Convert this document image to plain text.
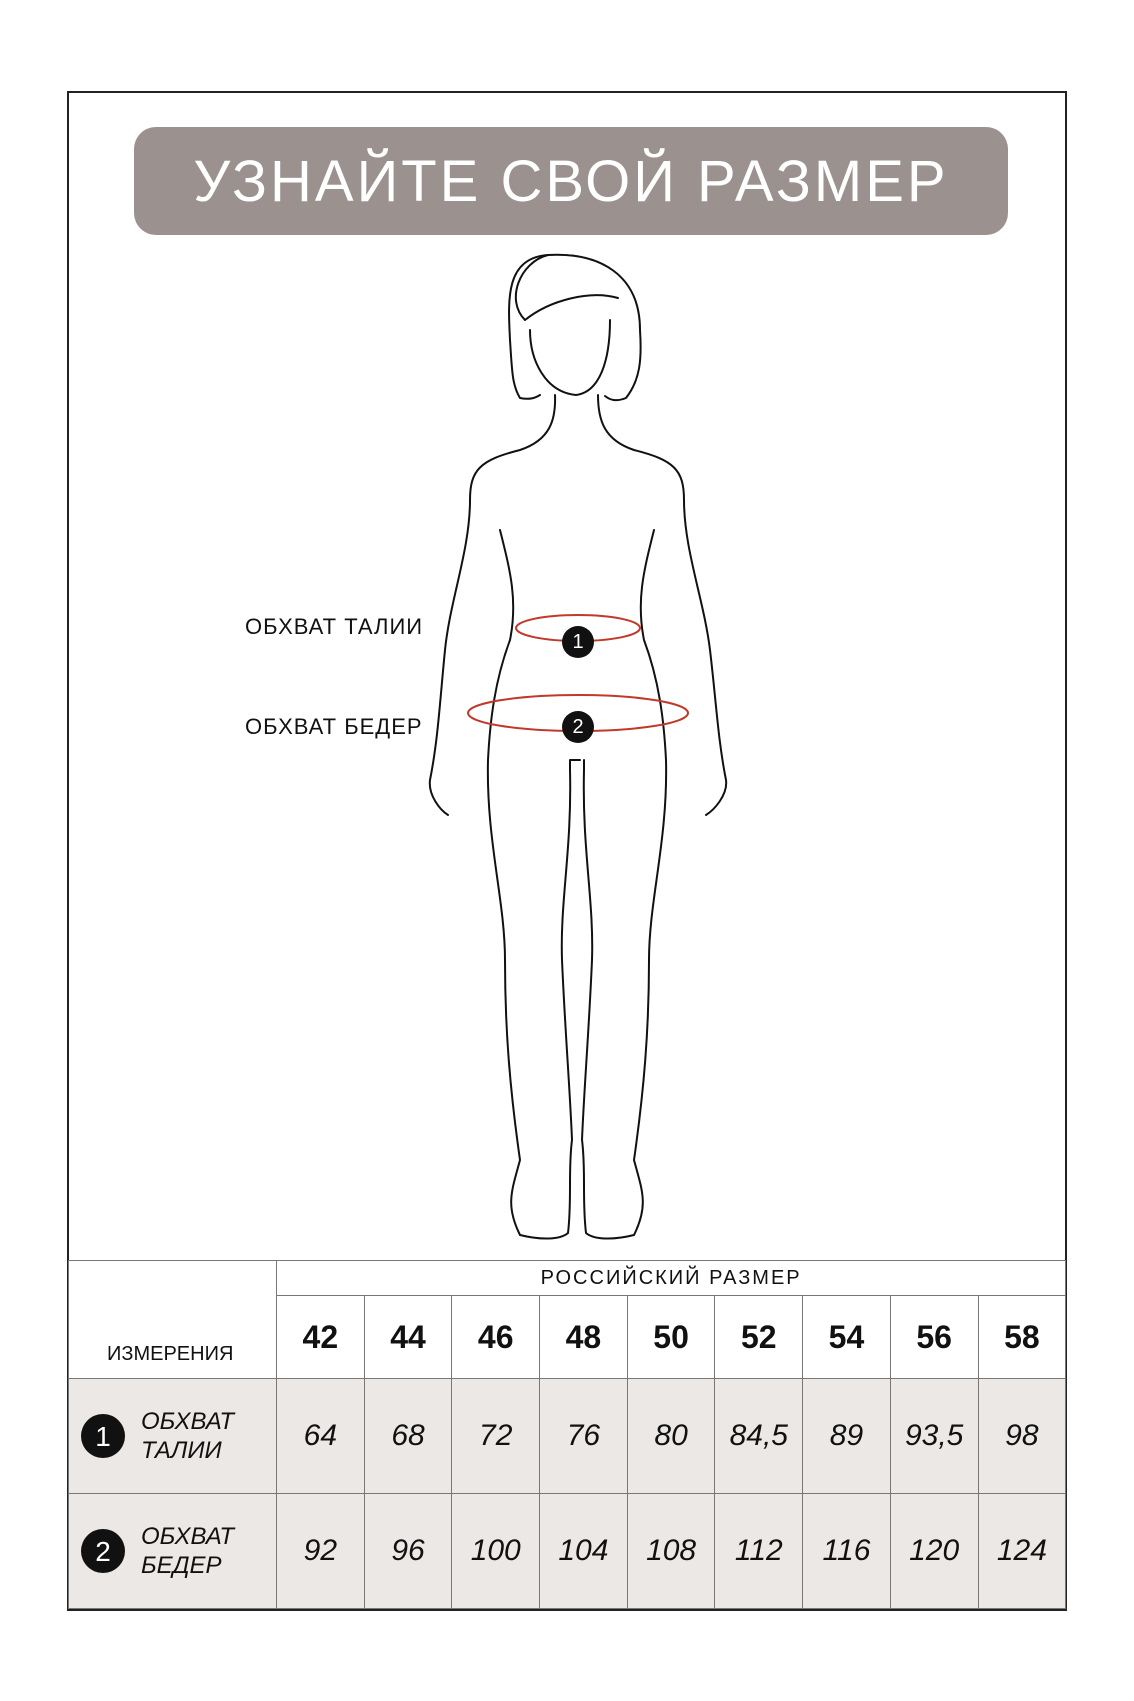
УЗНАЙТЕ СВОЙ РАЗМЕР
1
2
ОБХВАТ ТАЛИИ
ОБХВАТ БЕДЕР
ИЗМЕРЕНИЯ	РОССИЙСКИЙ РАЗМЕР								
	42	44	46	48	50	52	54	56	58

1 ОБХВАТ
ТАЛИИ	64	68	72	76	80	84,5	89	93,5	98

2 ОБХВАТ
БЕДЕР	92	96	100	104	108	112	116	120	124
